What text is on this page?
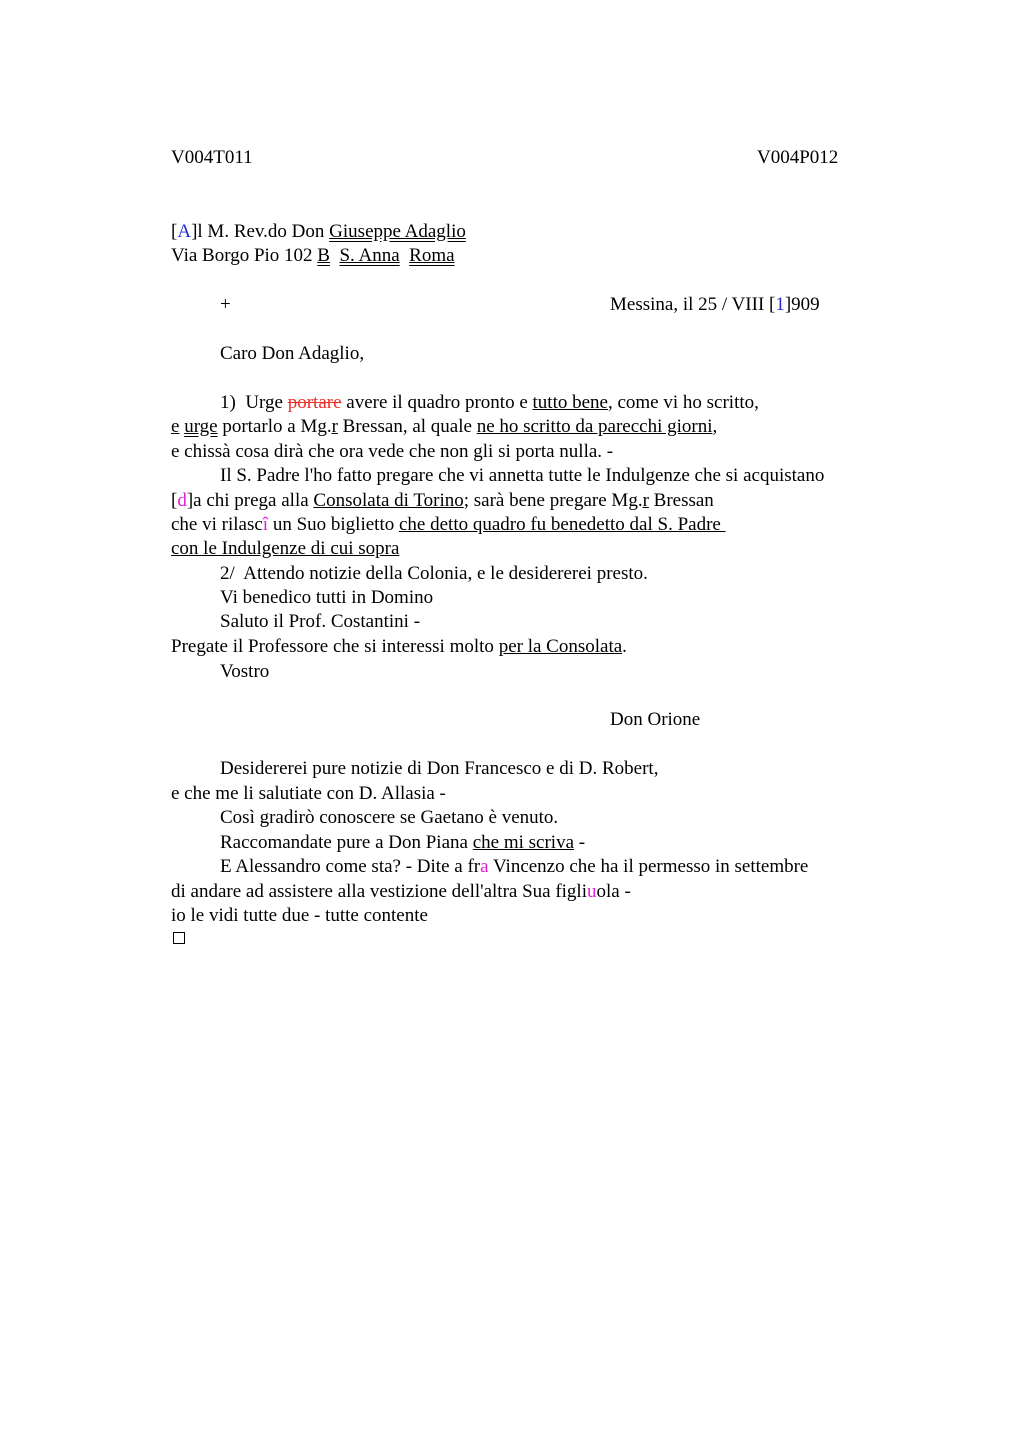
V004T011	V004P012
[A]l M. Rev.do Don Giuseppe Adaglio
Via Borgo Pio 102 B S. Anna Roma
+	Messina, il 25 / VIII [1]909
Caro Don Adaglio,
1)  Urge portare avere il quadro pronto e tutto bene, come vi ho scritto,
e urge portarlo a Mg.r Bressan, al quale ne ho scritto da parecchi giorni,
e chissà cosa dirà che ora vede che non gli si porta nulla. -
Il S. Padre l'ho fatto pregare che vi annetta tutte le Indulgenze che si acquistano
[d]a chi prega alla Consolata di Torino; sarà bene pregare Mg.r Bressan
che vi rilascî un Suo biglietto che detto quadro fu benedetto dal S. Padre
con le Indulgenze di cui sopra
2/  Attendo notizie della Colonia, e le desidererei presto.
Vi benedico tutti in Domino
Saluto il Prof. Costantini -
Pregate il Professore che si interessi molto per la Consolata.
Vostro
Don Orione
Desidererei pure notizie di Don Francesco e di D. Robert,
e che me li salutiate con D. Allasia -
Così gradirò conoscere se Gaetano è venuto.
Raccomandate pure a Don Piana che mi scriva -
E Alessandro come sta? - Dite a fra Vincenzo che ha il permesso in settembre
di andare ad assistere alla vestizione dell'altra Sua figliuola -
io le vidi tutte due - tutte contente
